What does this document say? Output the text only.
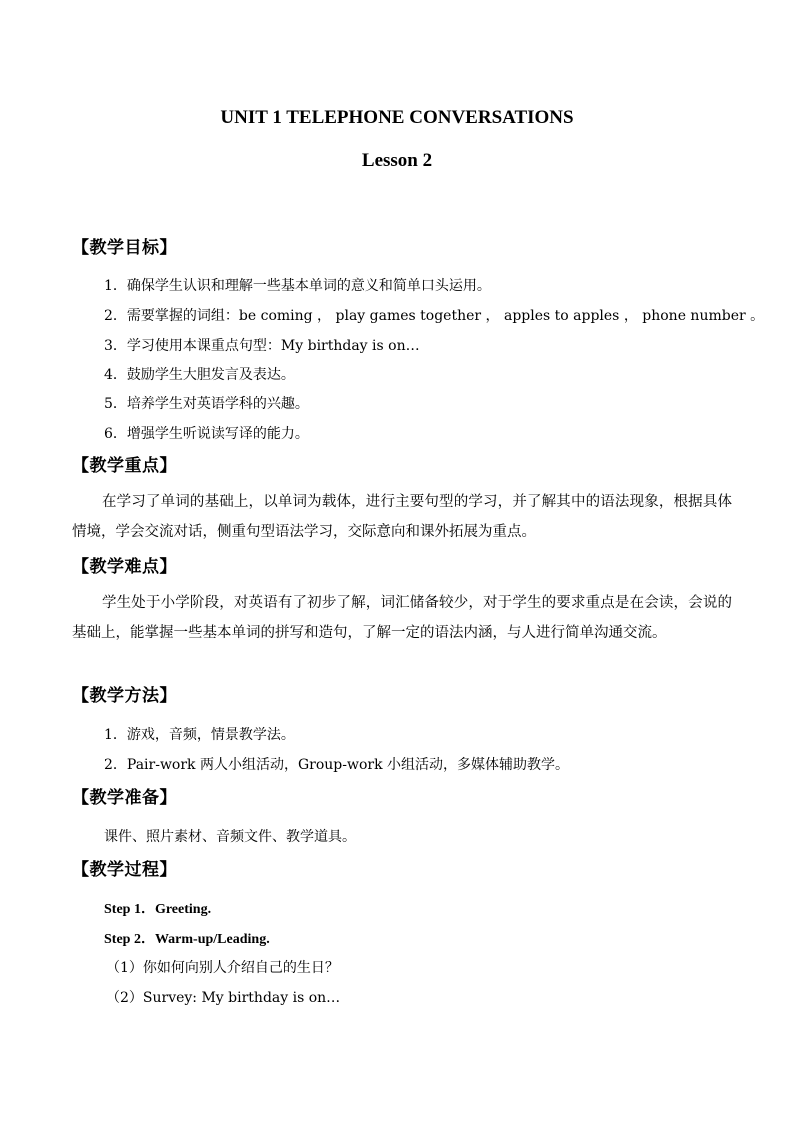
UNIT 1 TELEPHONE CONVERSATIONS
Lesson 2
【教学目标】
1．确保学生认识和理解一些基本单词的意义和简单口头运用。
2．需要掌握的词组：be coming ， play games together ， apples to apples ， phone number 。
3．学习使用本课重点句型：My birthday is on…
4．鼓励学生大胆发言及表达。
5．培养学生对英语学科的兴趣。
6．增强学生听说读写译的能力。
【教学重点】
在学习了单词的基础上，以单词为载体，进行主要句型的学习，并了解其中的语法现象，根据具体情境，学会交流对话，侧重句型语法学习，交际意向和课外拓展为重点。
【教学难点】
学生处于小学阶段，对英语有了初步了解，词汇储备较少，对于学生的要求重点是在会读，会说的基础上，能掌握一些基本单词的拼写和造句，了解一定的语法内涵，与人进行简单沟通交流。
【教学方法】
1．游戏，音频，情景教学法。
2．Pair-work 两人小组活动，Group-work 小组活动，多媒体辅助教学。
【教学准备】
课件、照片素材、音频文件、教学道具。
【教学过程】
Step 1．Greeting.
Step 2．Warm-up/Leading.
（1）你如何向别人介绍自己的生日？
（2）Survey: My birthday is on…
